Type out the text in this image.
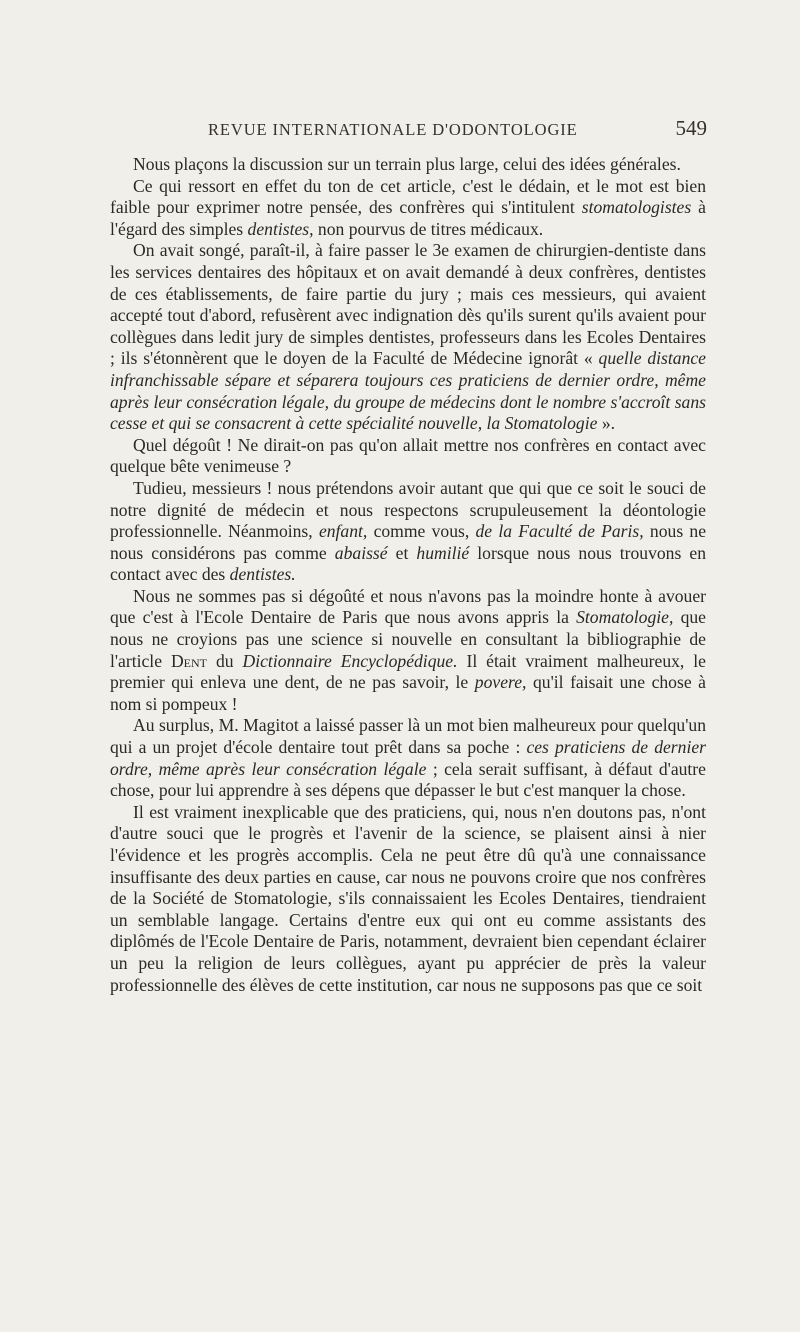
REVUE INTERNATIONALE D'ODONTOLOGIE	549

Nous plaçons la discussion sur un terrain plus large, celui des idées générales.

Ce qui ressort en effet du ton de cet article, c'est le dédain, et le mot est bien faible pour exprimer notre pensée, des confrères qui s'intitulent stomatologistes à l'égard des simples dentistes, non pourvus de titres médicaux.

On avait songé, paraît-il, à faire passer le 3e examen de chirurgien-dentiste dans les services dentaires des hôpitaux et on avait demandé à deux confrères, dentistes de ces établissements, de faire partie du jury ; mais ces messieurs, qui avaient accepté tout d'abord, refusèrent avec indignation dès qu'ils surent qu'ils avaient pour collègues dans ledit jury de simples dentistes, professeurs dans les Ecoles Dentaires ; ils s'étonnèrent que le doyen de la Faculté de Médecine ignorât « quelle distance infranchissable sépare et séparera toujours ces praticiens de dernier ordre, même après leur consécration légale, du groupe de médecins dont le nombre s'accroît sans cesse et qui se consacrent à cette spécialité nouvelle, la Stomatologie ».

Quel dégoût ! Ne dirait-on pas qu'on allait mettre nos confrères en contact avec quelque bête venimeuse ?

Tudieu, messieurs ! nous prétendons avoir autant que qui que ce soit le souci de notre dignité de médecin et nous respectons scrupuleusement la déontologie professionnelle. Néanmoins, enfant, comme vous, de la Faculté de Paris, nous ne nous considérons pas comme abaissé et humilié lorsque nous nous trouvons en contact avec des dentistes.

Nous ne sommes pas si dégoûté et nous n'avons pas la moindre honte à avouer que c'est à l'Ecole Dentaire de Paris que nous avons appris la Stomatologie, que nous ne croyions pas une science si nouvelle en consultant la bibliographie de l'article Dent du Dictionnaire Encyclopédique. Il était vraiment malheureux, le premier qui enleva une dent, de ne pas savoir, le povere, qu'il faisait une chose à nom si pompeux !

Au surplus, M. Magitot a laissé passer là un mot bien malheureux pour quelqu'un qui a un projet d'école dentaire tout prêt dans sa poche : ces praticiens de dernier ordre, même après leur consécration légale ; cela serait suffisant, à défaut d'autre chose, pour lui apprendre à ses dépens que dépasser le but c'est manquer la chose.

Il est vraiment inexplicable que des praticiens, qui, nous n'en doutons pas, n'ont d'autre souci que le progrès et l'avenir de la science, se plaisent ainsi à nier l'évidence et les progrès accomplis. Cela ne peut être dû qu'à une connaissance insuffisante des deux parties en cause, car nous ne pouvons croire que nos confrères de la Société de Stomatologie, s'ils connaissaient les Ecoles Dentaires, tiendraient un semblable langage. Certains d'entre eux qui ont eu comme assistants des diplômés de l'Ecole Dentaire de Paris, notamment, devraient bien cependant éclairer un peu la religion de leurs collègues, ayant pu apprécier de près la valeur professionnelle des élèves de cette institution, car nous ne supposons pas que ce soit
